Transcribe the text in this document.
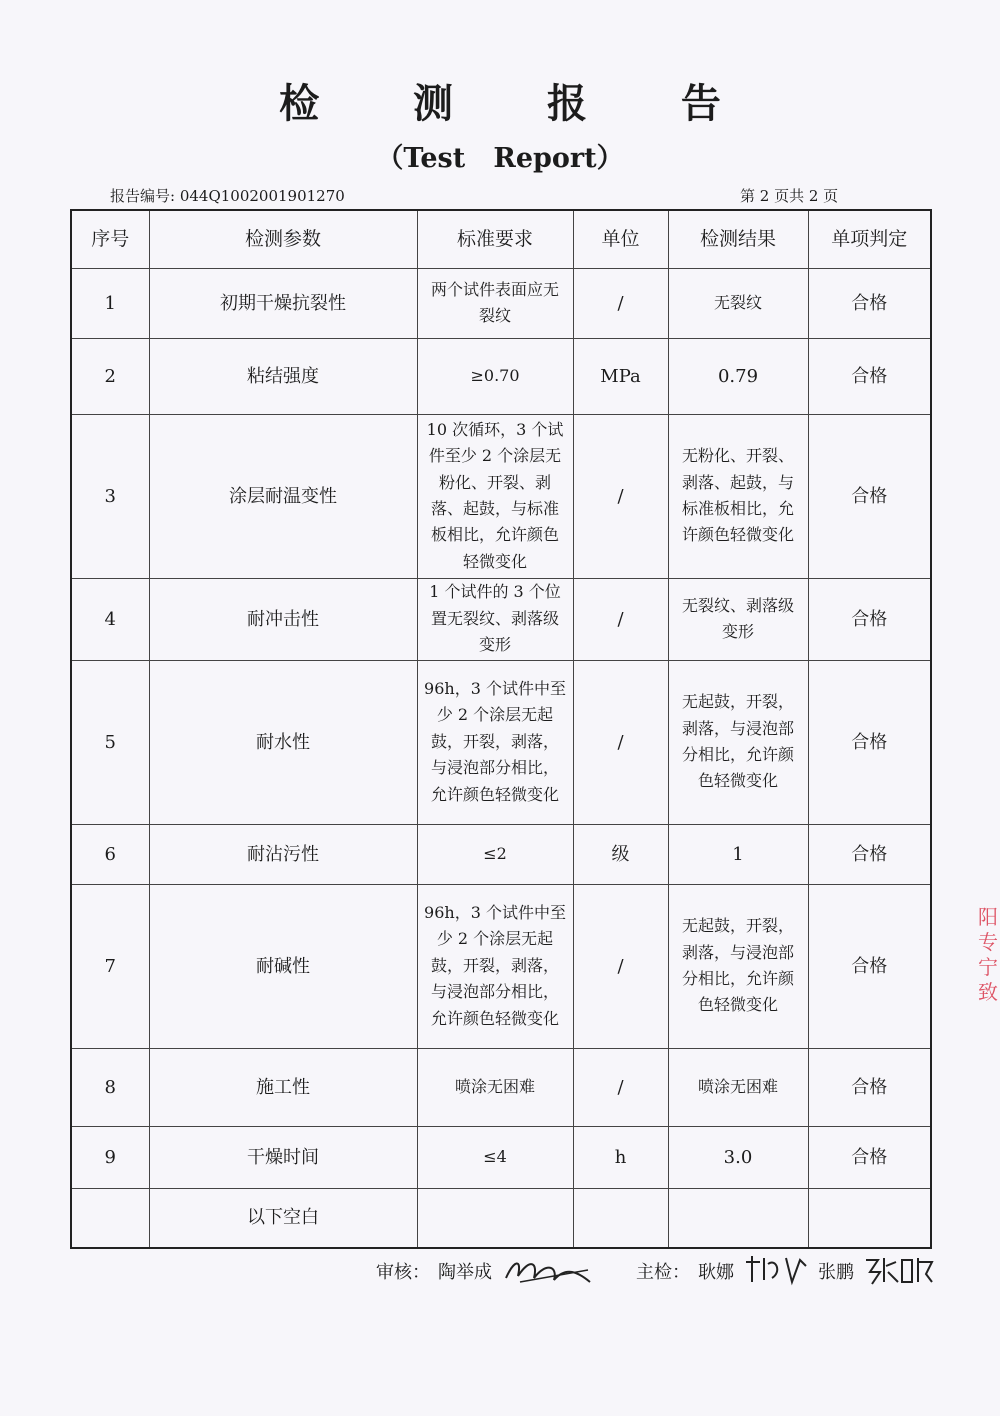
检 测 报 告
（Test   Report）
报告编号: 044Q1002001901270	第 2 页共 2 页
序号	检测参数	标准要求	单位	检测结果	单项判定
1	初期干燥抗裂性	两个试件表面应无裂纹	/	无裂纹	合格
2	粘结强度	≥0.70	MPa	0.79	合格
3	涂层耐温变性	10 次循环，3 个试件至少 2 个涂层无粉化、开裂、剥落、起鼓，与标准板相比，允许颜色轻微变化	/	无粉化、开裂、剥落、起鼓，与标准板相比，允许颜色轻微变化	合格
4	耐冲击性	1 个试件的 3 个位置无裂纹、剥落级变形	/	无裂纹、剥落级变形	合格
5	耐水性	96h，3 个试件中至少 2 个涂层无起鼓，开裂，剥落，与浸泡部分相比，允许颜色轻微变化	/	无起鼓，开裂，剥落，与浸泡部分相比，允许颜色轻微变化	合格
6	耐沾污性	≤2	级	1	合格
7	耐碱性	96h，3 个试件中至少 2 个涂层无起鼓，开裂，剥落，与浸泡部分相比，允许颜色轻微变化	/	无起鼓，开裂，剥落，与浸泡部分相比，允许颜色轻微变化	合格
8	施工性	喷涂无困难	/	喷涂无困难	合格
9	干燥时间	≤4	h	3.0	合格
	以下空白				
审核： 陶举成	主检： 耿娜	张鹏
阳专宁致
